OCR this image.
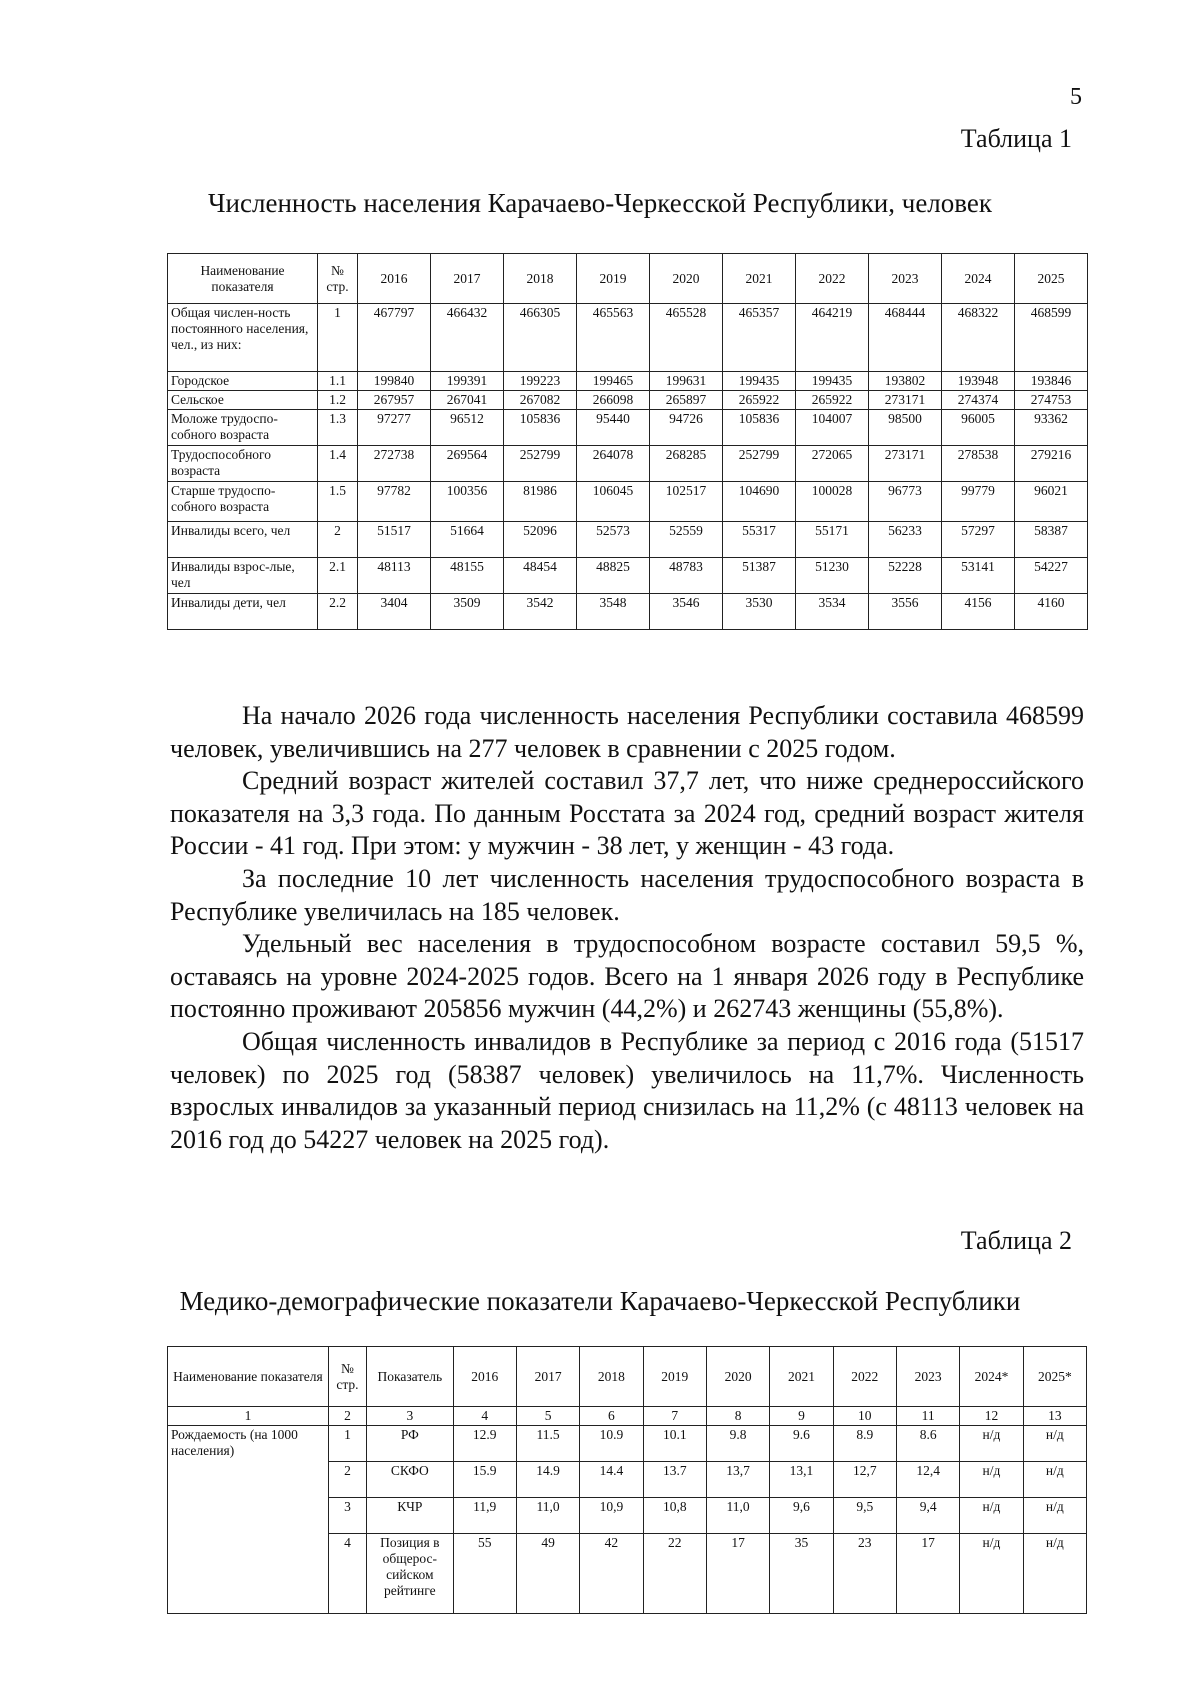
5
Таблица 1
Численность населения Карачаево-Черкесской Республики, человек
Наименование показателя	№ стр.	2016	2017	2018	2019	2020	2021	2022	2023	2024	2025
Общая числен-ность постоянного населения, чел., из них:	1	467797	466432	466305	465563	465528	465357	464219	468444	468322	468599
Городское	1.1	199840	199391	199223	199465	199631	199435	199435	193802	193948	193846
Сельское	1.2	267957	267041	267082	266098	265897	265922	265922	273171	274374	274753
Моложе трудоспо-собного возраста	1.3	97277	96512	105836	95440	94726	105836	104007	98500	96005	93362
Трудоспособного возраста	1.4	272738	269564	252799	264078	268285	252799	272065	273171	278538	279216
Старше трудоспо-собного возраста	1.5	97782	100356	81986	106045	102517	104690	100028	96773	99779	96021
Инвалиды всего, чел	2	51517	51664	52096	52573	52559	55317	55171	56233	57297	58387
Инвалиды взрос-лые, чел	2.1	48113	48155	48454	48825	48783	51387	51230	52228	53141	54227
Инвалиды дети, чел	2.2	3404	3509	3542	3548	3546	3530	3534	3556	4156	4160

На начало 2026 года численность населения Республики составила 468599 человек, увеличившись на 277 человек в сравнении с 2025 годом.

Средний возраст жителей составил 37,7 лет, что ниже среднероссийского показателя на 3,3 года. По данным Росстата за 2024 год, средний возраст жителя России - 41 год. При этом: у мужчин - 38 лет, у женщин - 43 года.

За последние 10 лет численность населения трудоспособного возраста в Республике увеличилась на 185 человек.

Удельный вес населения в трудоспособном возрасте составил 59,5 %, оставаясь на уровне 2024-2025 годов. Всего на 1 января 2026 году в Республике постоянно проживают 205856 мужчин (44,2%) и 262743 женщины (55,8%).

Общая численность инвалидов в Республике за период с 2016 года (51517 человек) по 2025 год (58387 человек) увеличилось на 11,7%. Численность взрослых инвалидов за указанный период снизилась на 11,2% (с 48113 человек на 2016 год до 54227 человек на 2025 год).

Таблица 2
Медико-демографические показатели Карачаево-Черкесской Республики
Наименование показателя	№ стр.	Показатель	2016	2017	2018	2019	2020	2021	2022	2023	2024*	2025*
1	2	3	4	5	6	7	8	9	10	11	12	13
Рождаемость (на 1000 населения)	1	РФ	12.9	11.5	10.9	10.1	9.8	9.6	8.9	8.6	н/д	н/д
	2	СКФО	15.9	14.9	14.4	13.7	13,7	13,1	12,7	12,4	н/д	н/д
	3	КЧР	11,9	11,0	10,9	10,8	11,0	9,6	9,5	9,4	н/д	н/д
	4	Позиция в общерос-сийском рейтинге	55	49	42	22	17	35	23	17	н/д	н/д
